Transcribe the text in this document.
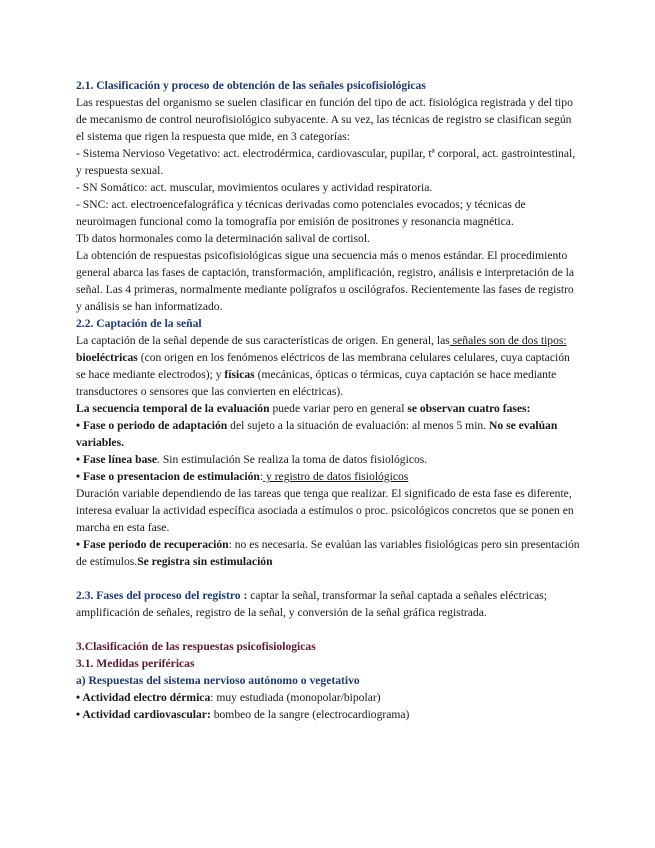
2.1. Clasificación y proceso de obtención de las señales psicofisiológicas

Las respuestas del organismo se suelen clasificar en función del tipo de act. fisiológica registrada y del tipo de mecanismo de control neurofisiológico subyacente. A su vez, las técnicas de registro se clasifican según el sistema que rigen la respuesta que mide, en 3 categorías:

- Sistema Nervioso Vegetativo: act. electrodérmica, cardiovascular, pupilar, tª corporal, act. gastrointestinal, y respuesta sexual.

- SN Somático: act. muscular, movimientos oculares y actividad respiratoria.

- SNC: act. electroencefalográfica y técnicas derivadas como potenciales evocados; y técnicas de neuroimagen funcional como la tomografía por emisión de positrones y resonancia magnética.

Tb datos hormonales como la determinación salival de cortisol.

La obtención de respuestas psicofisiológicas sigue una secuencia más o menos estándar. El procedimiento general abarca las fases de captación, transformación, amplificación, registro, análisis e interpretación de la señal. Las 4 primeras, normalmente mediante polígrafos u oscilógrafos. Recientemente las fases de registro y análisis se han informatizado.

2.2. Captación de la señal

La captación de la señal depende de sus características de origen. En general, las señales son de dos tipos: bioeléctricas (con origen en los fenómenos eléctricos de las membrana celulares celulares, cuya captación se hace mediante electrodos); y físicas (mecánicas, ópticas o térmicas, cuya captación se hace mediante transductores o sensores que las convierten en eléctricas).

La secuencia temporal de la evaluación puede variar pero en general se observan cuatro fases:

• Fase o periodo de adaptación del sujeto a la situación de evaluación: al menos 5 min. No se evalúan variables.

• Fase línea base. Sin estimulación Se realiza la toma de datos fisiológicos.

• Fase o presentacion de estimulación: y registro de datos fisiológicos

Duración variable dependiendo de las tareas que tenga que realizar. El significado de esta fase es diferente, interesa evaluar la actividad específica asociada a estímulos o proc. psicológicos concretos que se ponen en marcha en esta fase.

• Fase periodo de recuperación: no es necesaria. Se evalúan las variables fisiológicas pero sin presentación de estímulos.Se registra sin estimulación

2.3. Fases del proceso del registro : captar la señal, transformar la señal captada a señales eléctricas; amplificación de señales, registro de la señal, y conversión de la señal gráfica registrada.

3.Clasificación de las respuestas psicofisiologicas

3.1. Medidas periféricas

a) Respuestas del sistema nervioso autónomo o vegetativo

• Actividad electro dérmica: muy estudiada (monopolar/bipolar)

• Actividad cardiovascular: bombeo de la sangre (electrocardiograma)
